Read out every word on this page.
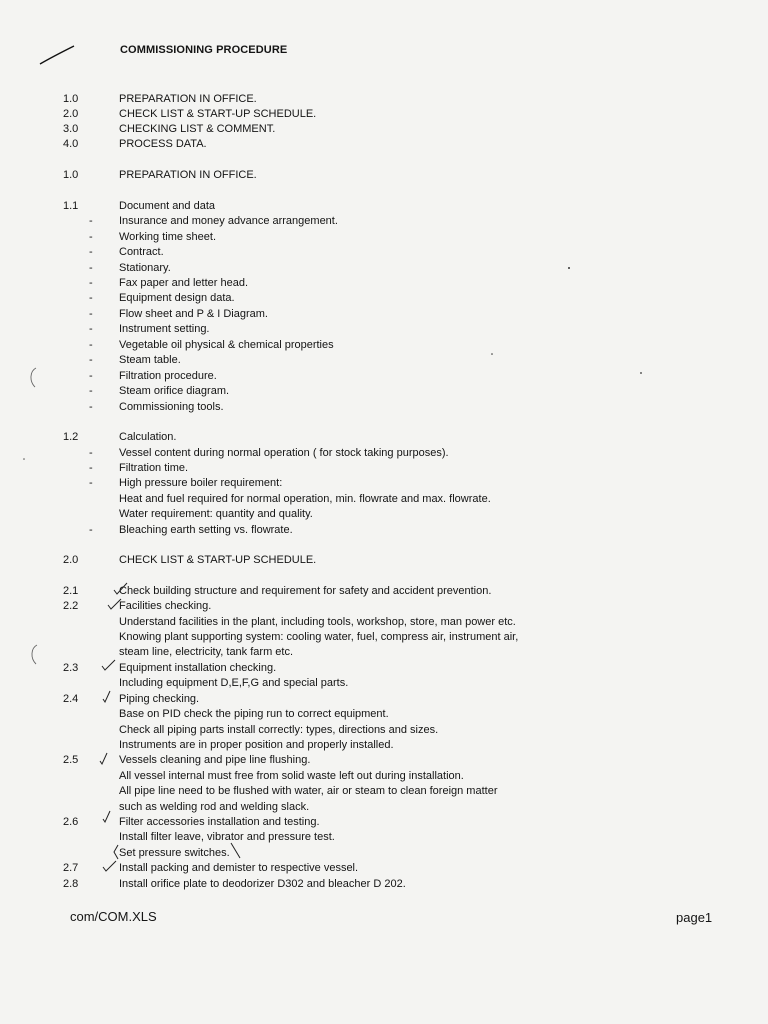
COMMISSIONING PROCEDURE
1.0	PREPARATION IN OFFICE.
2.0	CHECK LIST & START-UP SCHEDULE.
3.0	CHECKING LIST & COMMENT.
4.0	PROCESS DATA.
1.0	PREPARATION IN OFFICE.
1.1	Document and data
- Insurance and money advance arrangement.
- Working time sheet.
- Contract.
- Stationary.
- Fax paper and letter head.
- Equipment design data.
- Flow sheet and P & I Diagram.
- Instrument setting.
- Vegetable oil physical & chemical properties
- Steam table.
- Filtration procedure.
- Steam orifice diagram.
- Commissioning tools.
1.2	Calculation.
- Vessel content during normal operation ( for stock taking purposes).
- Filtration time.
- High pressure boiler requirement:
Heat and fuel required for normal operation, min. flowrate and max. flowrate.
Water requirement: quantity and quality.
- Bleaching earth setting vs. flowrate.
2.0	CHECK LIST & START-UP SCHEDULE.
2.1	Check building structure and requirement for safety and accident prevention.
2.2	Facilities checking.
Understand facilities in the plant, including tools, workshop, store, man power etc.
Knowing plant supporting system: cooling water, fuel, compress air, instrument air,
steam line, electricity, tank farm etc.
2.3	Equipment installation checking.
Including equipment D,E,F,G and special parts.
2.4	Piping checking.
Base on PID check the piping run to correct equipment.
Check all piping parts install correctly: types, directions and sizes.
Instruments are in proper position and properly installed.
2.5	Vessels cleaning and pipe line flushing.
All vessel internal must free from solid waste left out during installation.
All pipe line need to be flushed with water, air or steam to clean foreign matter
such as welding rod and welding slack.
2.6	Filter accessories installation and testing.
Install filter leave, vibrator and pressure test.
Set pressure switches.
2.7	Install packing and demister to respective vessel.
2.8	Install orifice plate to deodorizer D302 and bleacher D 202.
com/COM.XLS	page1
